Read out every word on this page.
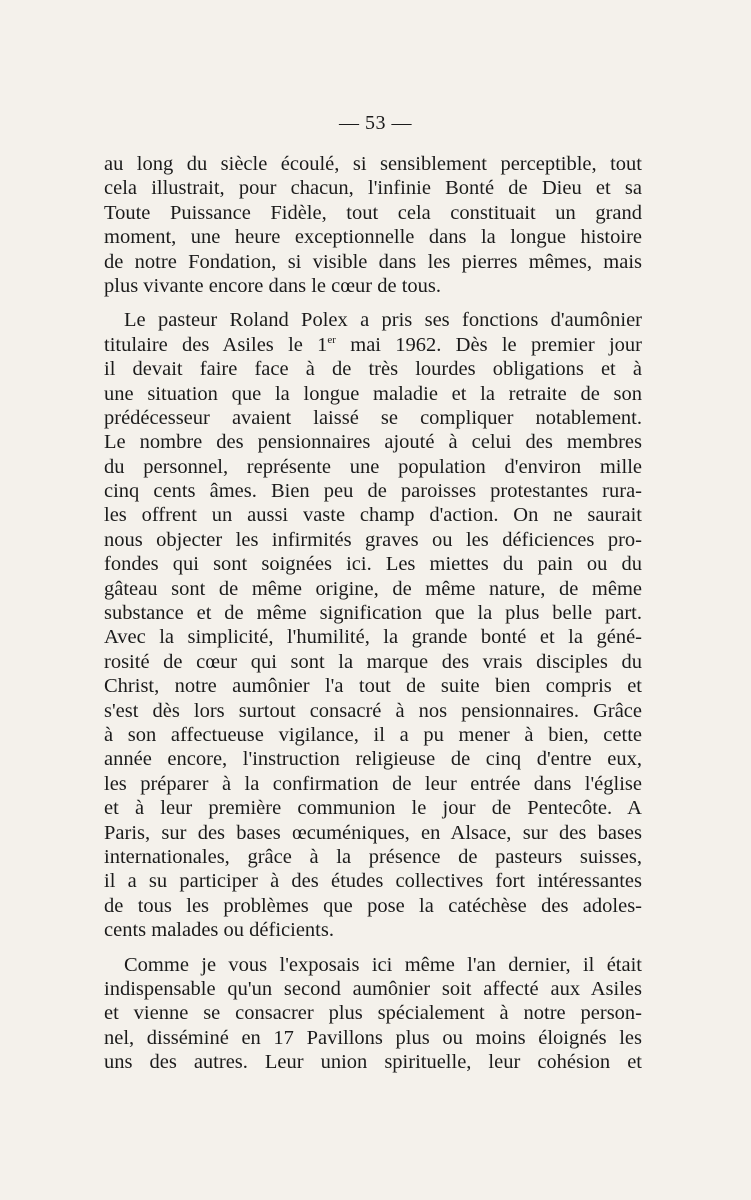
— 53 —
au long du siècle écoulé, si sensiblement perceptible, tout
cela illustrait, pour chacun, l'infinie Bonté de Dieu et sa
Toute Puissance Fidèle, tout cela constituait un grand
moment, une heure exceptionnelle dans la longue histoire
de notre Fondation, si visible dans les pierres mêmes, mais
plus vivante encore dans le cœur de tous.
Le pasteur Roland Polex a pris ses fonctions d'aumônier
titulaire des Asiles le 1er mai 1962. Dès le premier jour
il devait faire face à de très lourdes obligations et à
une situation que la longue maladie et la retraite de son
prédécesseur avaient laissé se compliquer notablement.
Le nombre des pensionnaires ajouté à celui des membres
du personnel, représente une population d'environ mille
cinq cents âmes. Bien peu de paroisses protestantes rura-
les offrent un aussi vaste champ d'action. On ne saurait
nous objecter les infirmités graves ou les déficiences pro-
fondes qui sont soignées ici. Les miettes du pain ou du
gâteau sont de même origine, de même nature, de même
substance et de même signification que la plus belle part.
Avec la simplicité, l'humilité, la grande bonté et la géné-
rosité de cœur qui sont la marque des vrais disciples du
Christ, notre aumônier l'a tout de suite bien compris et
s'est dès lors surtout consacré à nos pensionnaires. Grâce
à son affectueuse vigilance, il a pu mener à bien, cette
année encore, l'instruction religieuse de cinq d'entre eux,
les préparer à la confirmation de leur entrée dans l'église
et à leur première communion le jour de Pentecôte. A
Paris, sur des bases œcuméniques, en Alsace, sur des bases
internationales, grâce à la présence de pasteurs suisses,
il a su participer à des études collectives fort intéressantes
de tous les problèmes que pose la catéchèse des adoles-
cents malades ou déficients.
Comme je vous l'exposais ici même l'an dernier, il était
indispensable qu'un second aumônier soit affecté aux Asiles
et vienne se consacrer plus spécialement à notre person-
nel, disséminé en 17 Pavillons plus ou moins éloignés les
uns des autres. Leur union spirituelle, leur cohésion et
